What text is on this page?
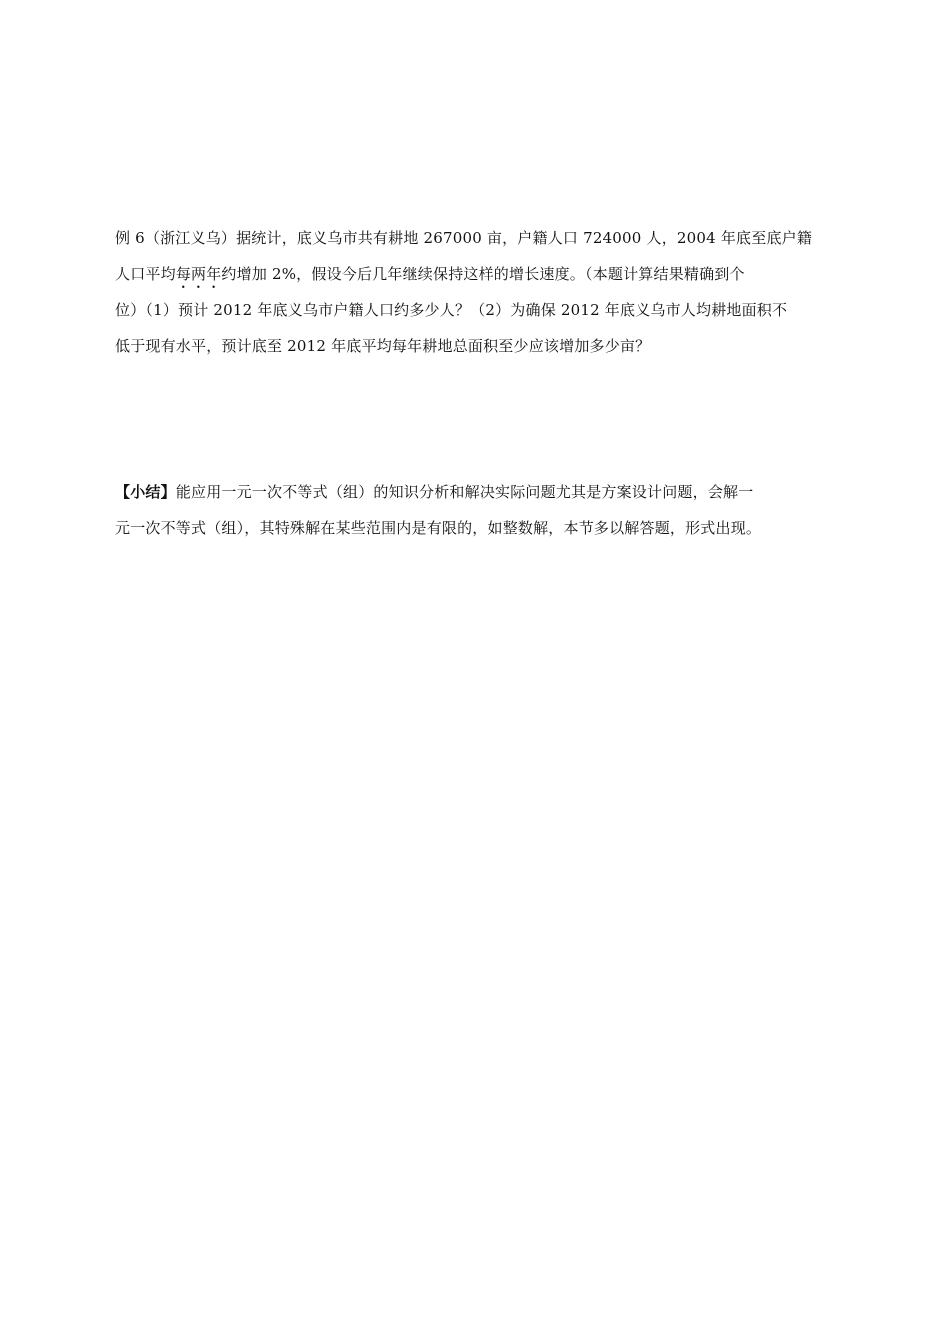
例 6（浙江义乌）据统计，底义乌市共有耕地 267000 亩，户籍人口 724000 人，2004 年底至底户籍
人口平均每两年约增加 2%，假设今后几年继续保持这样的增长速度。（本题计算结果精确到个
位）（1）预计 2012 年底义乌市户籍人口约多少人？（2）为确保 2012 年底义乌市人均耕地面积不
低于现有水平，预计底至 2012 年底平均每年耕地总面积至少应该增加多少亩？
【小结】能应用一元一次不等式（组）的知识分析和解决实际问题尤其是方案设计问题，会解一
元一次不等式（组），其特殊解在某些范围内是有限的，如整数解，本节多以解答题，形式出现。
